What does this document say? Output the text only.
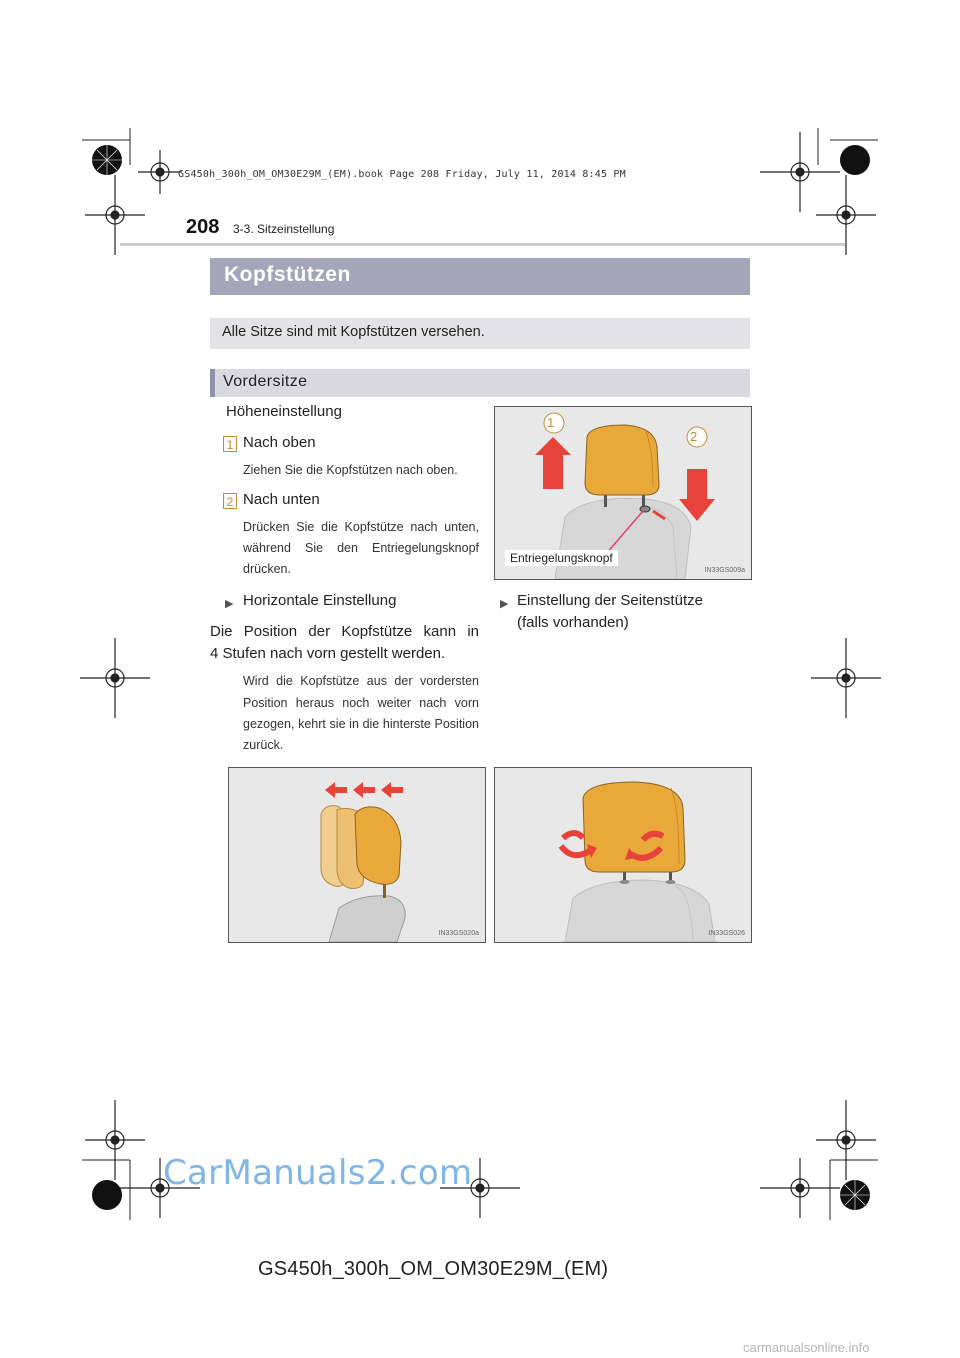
GS450h_300h_OM_OM30E29M_(EM).book Page 208 Friday, July 11, 2014 8:45 PM
208 3-3. Sitzeinstellung
Kopfstützen
Alle Sitze sind mit Kopfstützen versehen.
Vordersitze
Höheneinstellung
1 Nach oben
Ziehen Sie die Kopfstützen nach oben.
2 Nach unten
Drücken Sie die Kopfstütze nach unten,
während Sie den Entriegelungsknopf
drücken.
1
2
Entriegelungsknopf
IN33GS009a
▶ Horizontale Einstellung
Die Position der Kopfstütze kann in
4 Stufen nach vorn gestellt werden.
Wird die Kopfstütze aus der vordersten
Position heraus noch weiter nach vorn
gezogen, kehrt sie in die hinterste Position
zurück.
▶ Einstellung der Seitenstütze
(falls vorhanden)
IN33GS020a	IN33GS026
CarManuals2.com
GS450h_300h_OM_OM30E29M_(EM)
carmanualsonline.info
